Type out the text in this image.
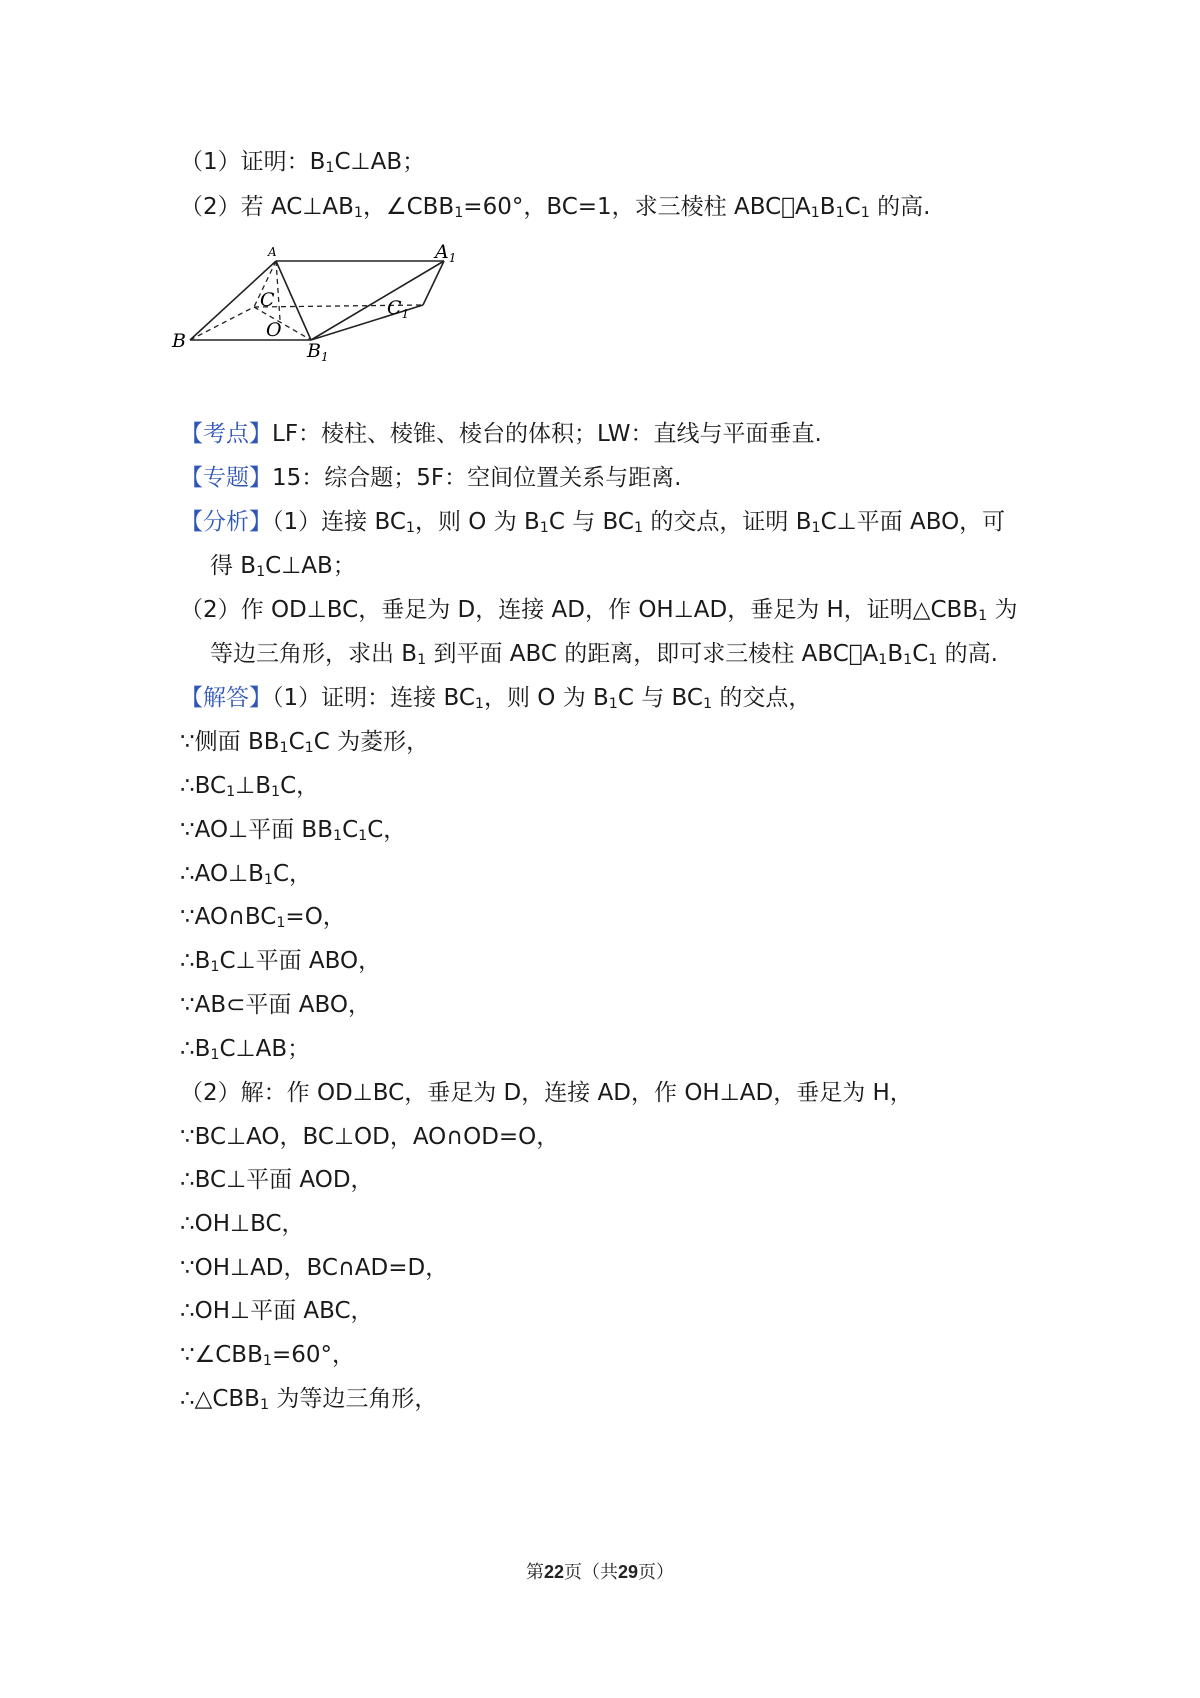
（1）证明：$B_1C\perp AB$；
（2）若 $AC\perp AB_1$，$\angle CBB_1=60^\circ$，BC=1，求三棱柱 $ABC￾A_1B_1C_1$ 的高.
【考点】LF：棱柱、棱锥、棱台的体积；LW：直线与平面垂直.
【专题】15：综合题；5F：空间位置关系与距离.
【分析】（1）连接 $BC_1$，则 O 为 $B_1C$ 与 $BC_1$ 的交点，证明 $B_1C\perp$平面 ABO，可
得 $B_1C\perp AB$；
（2）作 OD⊥BC，垂足为 D，连接 AD，作 OH⊥AD，垂足为 H，证明$\triangle CBB_1$ 为
等边三角形，求出 $B_1$ 到平面 ABC 的距离，即可求三棱柱 $ABC￾A_1B_1C_1$ 的高.
【解答】（1）证明：连接 $BC_1$，则 O 为 $B_1C$ 与 $BC_1$ 的交点，
∵侧面 $BB_1C_1C$ 为菱形，
$\therefore BC_1\perp B_1C$，
∵AO⊥平面 $BB_1C_1C$，
$\therefore AO\perp B_1C$，
$\because AO\cap BC_1=O$，
$\therefore B_1C\perp$平面 ABO，
∵AB⊂平面 ABO，
$\therefore B_1C\perp AB$；
（2）解：作 OD⊥BC，垂足为 D，连接 AD，作 OH⊥AD，垂足为 H，
∵BC⊥AO，BC⊥OD，AO∩OD=O，
∴BC⊥平面 AOD，
∴OH⊥BC，
∵OH⊥AD，BC∩AD=D，
∴OH⊥平面 ABC，
$\because\angle CBB_1=60^\circ$，
$\therefore\triangle CBB_1$ 为等边三角形，
A	$A_1$
B	$B_1$
C	$C_1$
O
第22页（共29页）
